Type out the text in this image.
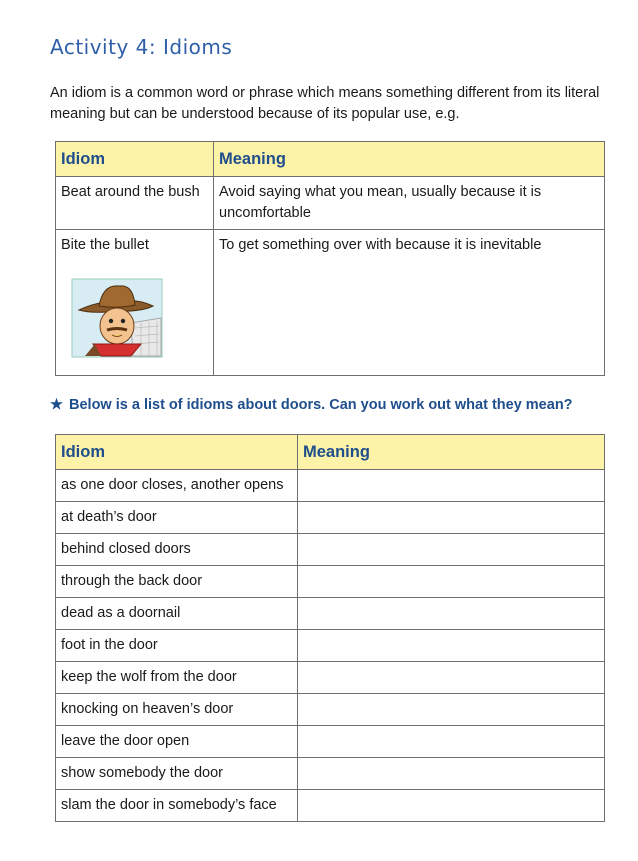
Activity 4: Idioms
An idiom is a common word or phrase which means something different from its literal meaning but can be understood because of its popular use, e.g.
Idiom	Meaning
Beat around the bush	Avoid saying what you mean, usually because it is uncomfortable
Bite the bullet	To get something over with because it is inevitable
★ Below is a list of idioms about doors. Can you work out what they mean?
Idiom	Meaning
as one door closes, another opens	
at death’s door	
behind closed doors	
through the back door	
dead as a doornail	
foot in the door	
keep the wolf from the door	
knocking on heaven’s door	
leave the door open	
show somebody the door	
slam the door in somebody’s face	
